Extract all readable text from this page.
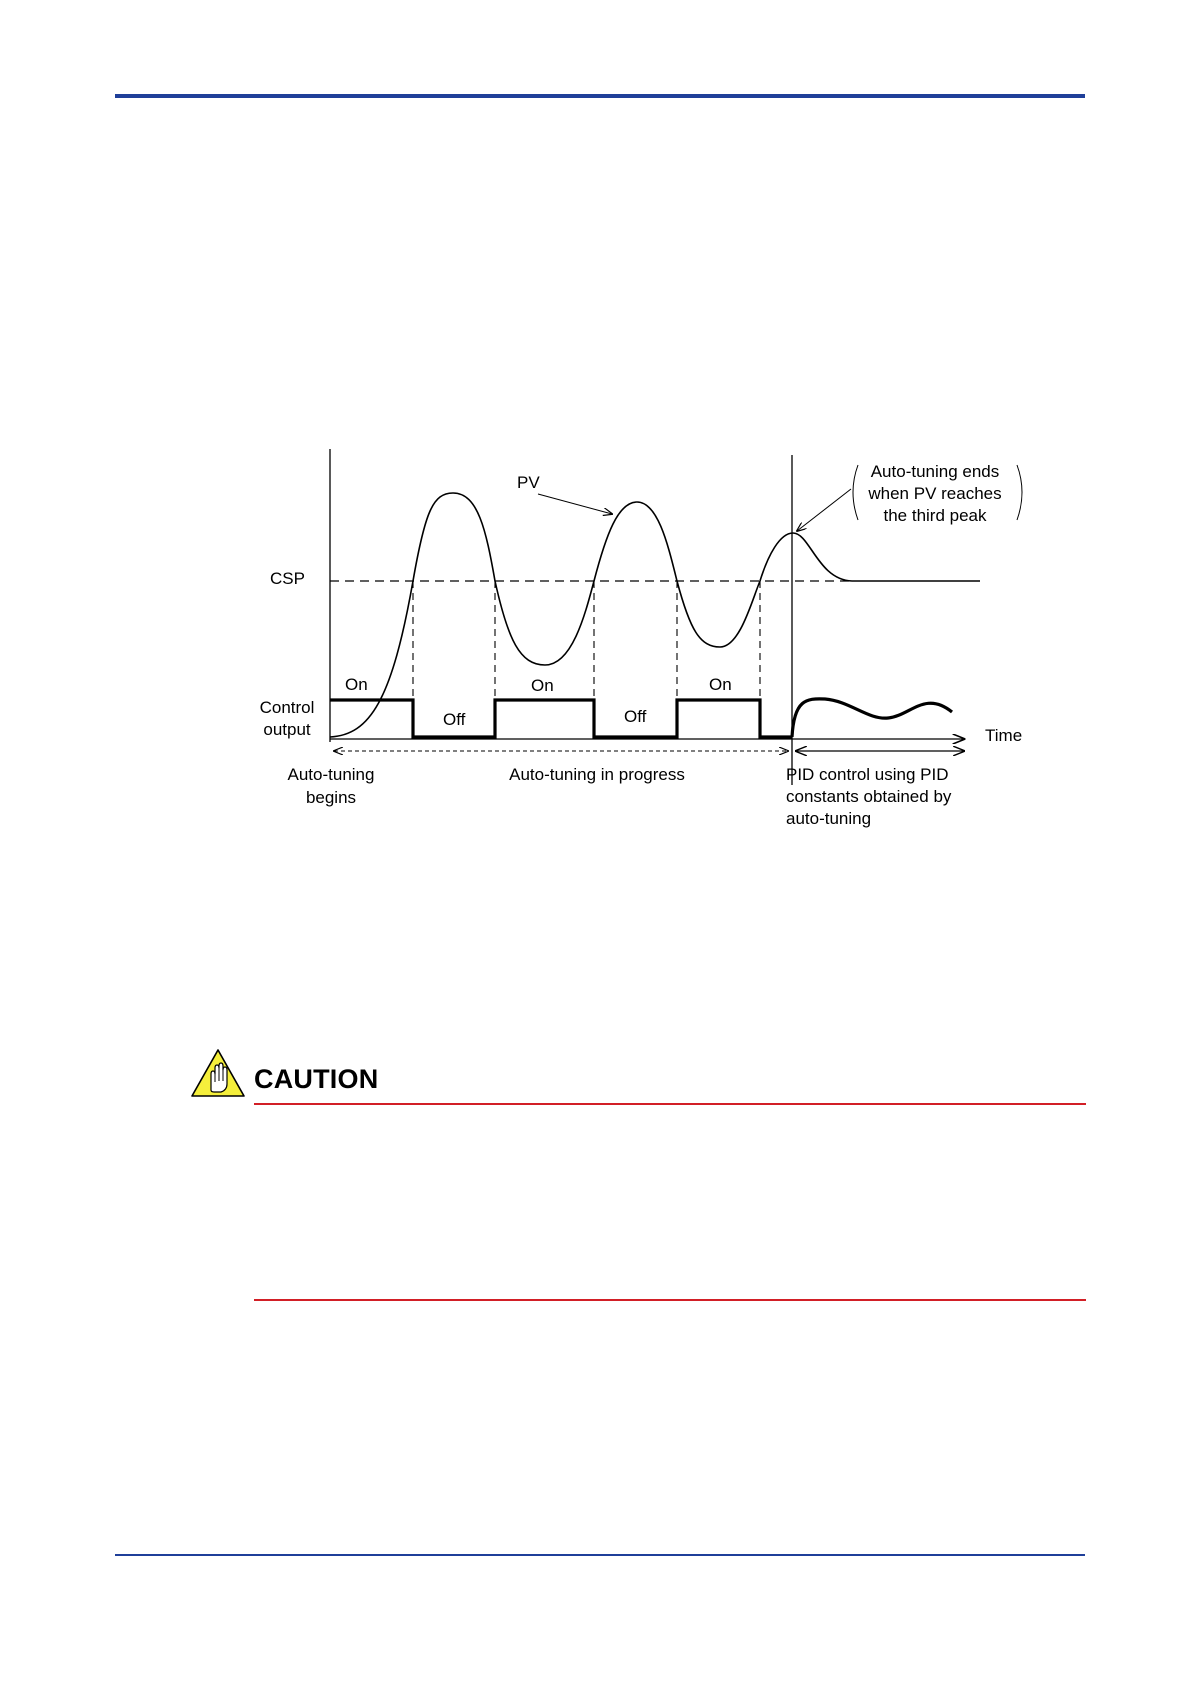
PV
CSP
Control
output	Time
On	On	On
Off	Off
Auto-tuning ends
when PV reaches
the third peak
Auto-tuning
begins
Auto-tuning in progress	PID control using PID
constants obtained by
auto-tuning
CAUTION
